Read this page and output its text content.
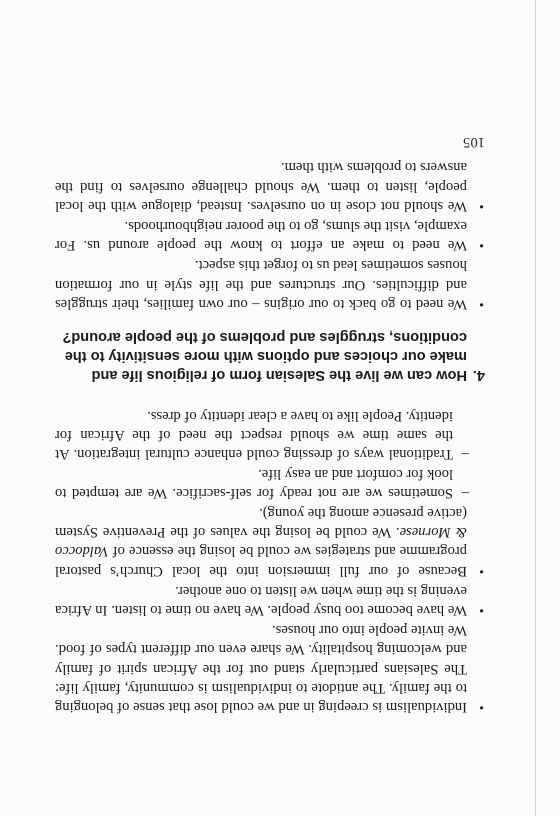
•
Individualism is creeping in and we could lose that sense of belonging to the family. The antidote to individualism is community, family life: The Salesians particularly stand out for the African spirit of family and welcoming hospitality. We share even our different types of food. We invite people into our houses.
•
We have become too busy people. We have no time to listen. In Africa evening is the time when we listen to one another.
•
Because of our full immersion into the local Church’s pastoral programme and strategies we could be losing the essence of Valdocco & Mornese. We could be losing the values of the Preventive System (active presence among the young).
–
Sometimes we are not ready for self-sacrifice. We are tempted to look for comfort and an easy life.
–
Traditional ways of dressing could enhance cultural integration. At the same time we should respect the need of the African for identity. People like to have a clear identity of dress.
4.How can we live the Salesian form of religious life and make our choices and options with more sensitivity to the conditions, struggles and problems of the people around?
•
We need to go back to our origins – our own families, their struggles and difficulties. Our structures and the life style in our formation houses sometimes lead us to forget this aspect.
•
We need to make an effort to know the people around us. For example, visit the slums, go to the poorer neighbourhoods.
•
We should not close in on ourselves. Instead, dialogue with the local people, listen to them. We should challenge ourselves to find the answers to problems with them.
105
